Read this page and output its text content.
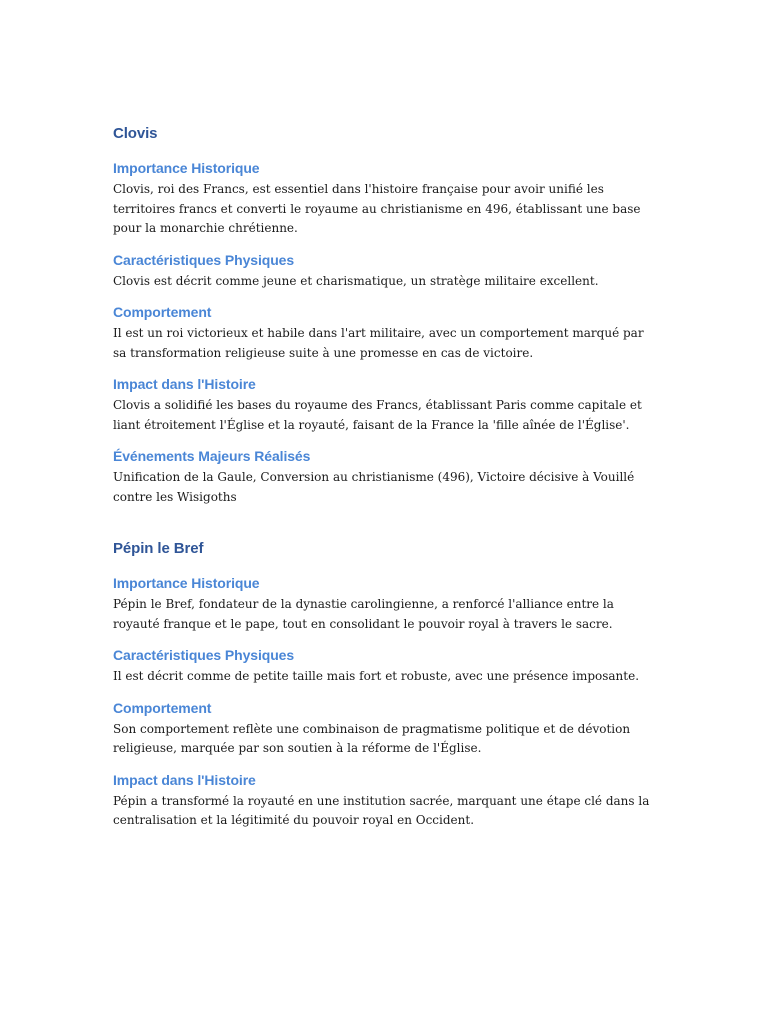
Clovis
Importance Historique

Clovis, roi des Francs, est essentiel dans l'histoire française pour avoir unifié les territoires francs et converti le royaume au christianisme en 496, établissant une base pour la monarchie chrétienne.

Caractéristiques Physiques

Clovis est décrit comme jeune et charismatique, un stratège militaire excellent.

Comportement

Il est un roi victorieux et habile dans l'art militaire, avec un comportement marqué par sa transformation religieuse suite à une promesse en cas de victoire.

Impact dans l'Histoire

Clovis a solidifié les bases du royaume des Francs, établissant Paris comme capitale et liant étroitement l'Église et la royauté, faisant de la France la 'fille aînée de l'Église'.

Événements Majeurs Réalisés

Unification de la Gaule, Conversion au christianisme (496), Victoire décisive à Vouillé contre les Wisigoths

Pépin le Bref
Importance Historique

Pépin le Bref, fondateur de la dynastie carolingienne, a renforcé l'alliance entre la royauté franque et le pape, tout en consolidant le pouvoir royal à travers le sacre.

Caractéristiques Physiques

Il est décrit comme de petite taille mais fort et robuste, avec une présence imposante.

Comportement

Son comportement reflète une combinaison de pragmatisme politique et de dévotion religieuse, marquée par son soutien à la réforme de l'Église.

Impact dans l'Histoire

Pépin a transformé la royauté en une institution sacrée, marquant une étape clé dans la centralisation et la légitimité du pouvoir royal en Occident.
